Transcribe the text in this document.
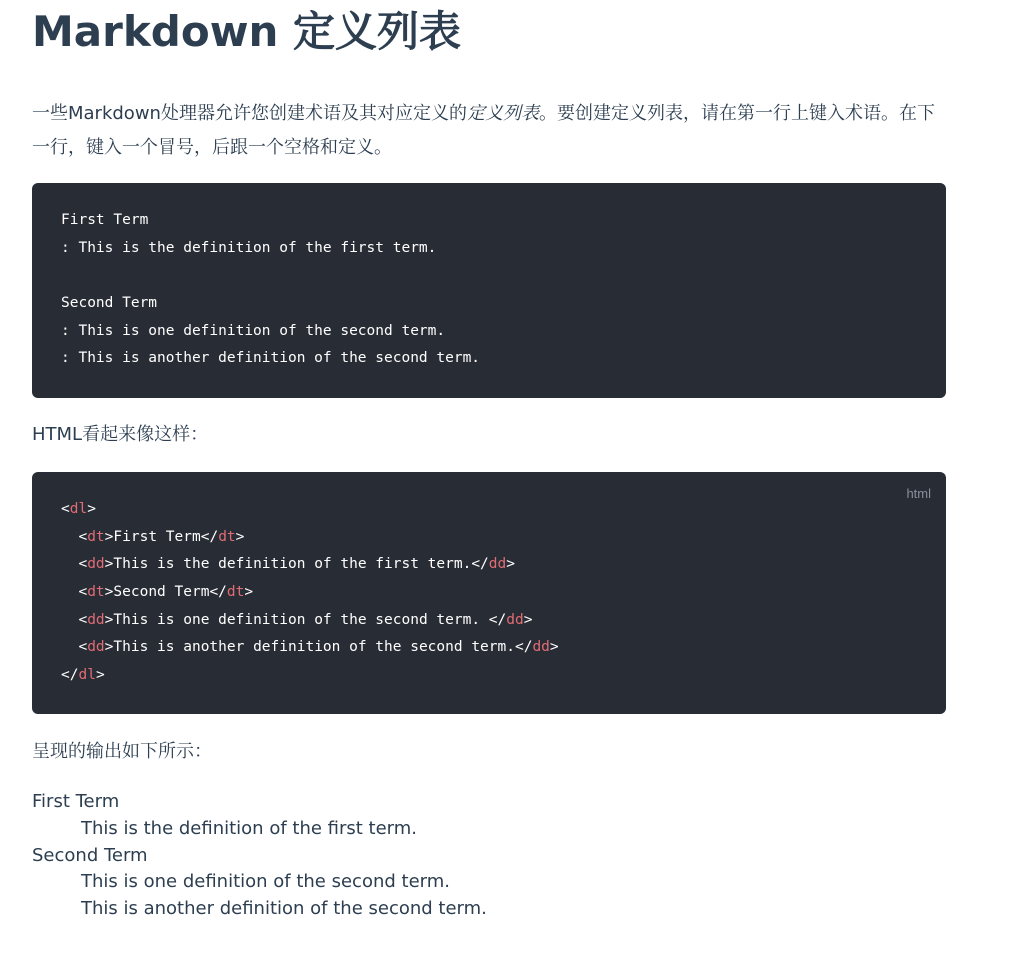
Markdown 定义列表

一些Markdown处理器允许您创建术语及其对应定义的定义列表。要创建定义列表，请在第一行上键入术语。在下一行，键入一个冒号，后跟一个空格和定义。

First Term
: This is the definition of the first term.
Second Term
: This is one definition of the second term.
: This is another definition of the second term.

HTML看起来像这样：

html
<dl>
<dt>First Term</dt>
<dd>This is the definition of the first term.</dd>
<dt>Second Term</dt>
<dd>This is one definition of the second term. </dd>
<dd>This is another definition of the second term.</dd>
</dl>

呈现的输出如下所示：

First Term
This is the definition of the first term.
Second Term
This is one definition of the second term.
This is another definition of the second term.
